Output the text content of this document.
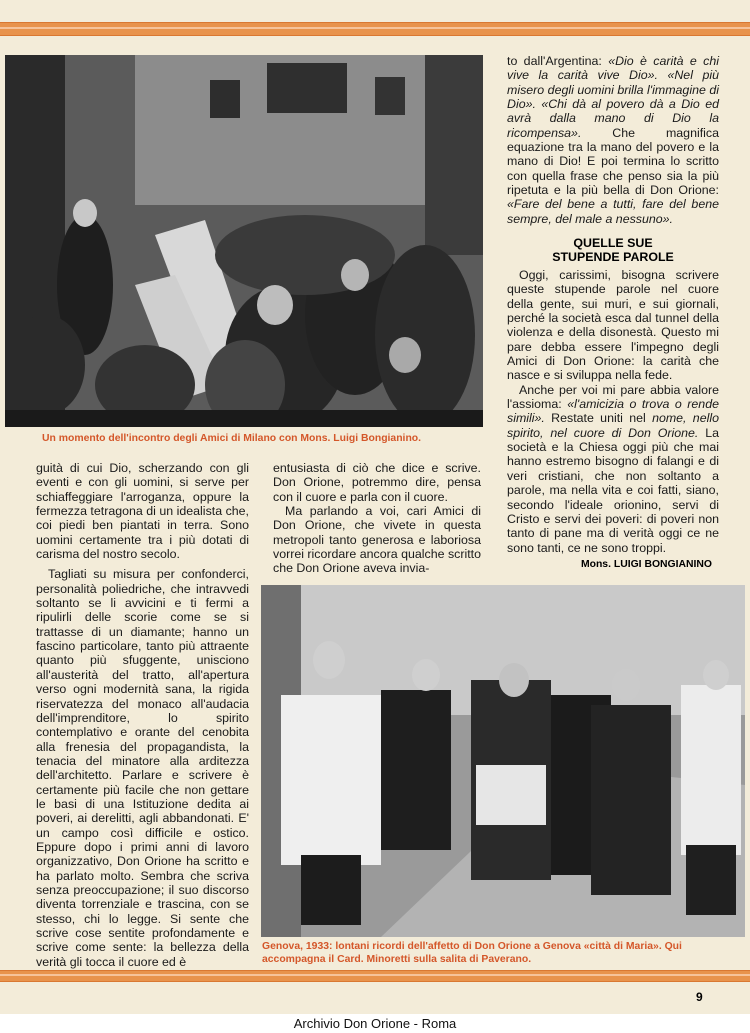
Un momento dell'incontro degli Amici di Milano con Mons. Luigi Bongianino.

to dall'Argentina: «Dio è carità e chi vive la carità vive Dio». «Nel più misero degli uomini brilla l'immagine di Dio». «Chi dà al povero dà a Dio ed avrà dalla mano di Dio la ricompensa». Che magnifica equazione tra la mano del povero e la mano di Dio! E poi termina lo scritto con quella frase che penso sia la più ripetuta e la più bella di Don Orione: «Fare del bene a tutti, fare del bene sempre, del male a nessuno».

QUELLE SUE
STUPENDE PAROLE

Oggi, carissimi, bisogna scrivere queste stupende parole nel cuore della gente, sui muri, e sui giornali, perché la società esca dal tunnel della violenza e della disonestà. Questo mi pare debba essere l'impegno degli Amici di Don Orione: la carità che nasce e si sviluppa nella fede.

Anche per voi mi pare abbia valore l'assioma: «l'amicizia o trova o rende simili». Restate uniti nel nome, nello spirito, nel cuore di Don Orione. La società e la Chiesa oggi più che mai hanno estremo bisogno di falangi e di veri cristiani, che non soltanto a parole, ma nella vita e coi fatti, siano, secondo l'ideale orionino, servi di Cristo e servi dei poveri: di poveri non tanto di pane ma di verità oggi ce ne sono tanti, ce ne sono troppi.

Mons. LUIGI BONGIANINO

guità di cui Dio, scherzando con gli eventi e con gli uomini, si serve per schiaffeggiare l'arroganza, oppure la fermezza tetragona di un idealista che, coi piedi ben piantati in terra. Sono uomini certamente tra i più dotati di carisma del nostro secolo.

Tagliati su misura per confonderci, personalità poliedriche, che intravvedi soltanto se li avvicini e ti fermi a ripulirli delle scorie come se si trattasse di un diamante; hanno un fascino particolare, tanto più attraente quanto più sfuggente, unisciono all'austerità del tratto, all'apertura verso ogni modernità sana, la rigida riservatezza del monaco all'audacia dell'imprenditore, lo spirito contemplativo e orante del cenobita alla frenesia del propagandista, la tenacia del minatore alla arditezza dell'architetto. Parlare e scrivere è certamente più facile che non gettare le basi di una Istituzione dedita ai poveri, ai derelitti, agli abbandonati. E' un campo così difficile e ostico. Eppure dopo i primi anni di lavoro organizzativo, Don Orione ha scritto e ha parlato molto. Sembra che scriva senza preoccupazione; il suo discorso diventa torrenziale e trascina, con se stesso, chi lo legge. Si sente che scrive cose sentite profondamente e scrive come sente: la bellezza della verità gli tocca il cuore ed è

entusiasta di ciò che dice e scrive. Don Orione, potremmo dire, pensa con il cuore e parla con il cuore.

Ma parlando a voi, cari Amici di Don Orione, che vivete in questa metropoli tanto generosa e laboriosa vorrei ricordare ancora qualche scritto che Don Orione aveva invia-

Genova, 1933: lontani ricordi dell'affetto di Don Orione a Genova «città di Maria». Qui accompagna il Card. Minoretti sulla salita di Paverano.
9
Archivio Don Orione - Roma
